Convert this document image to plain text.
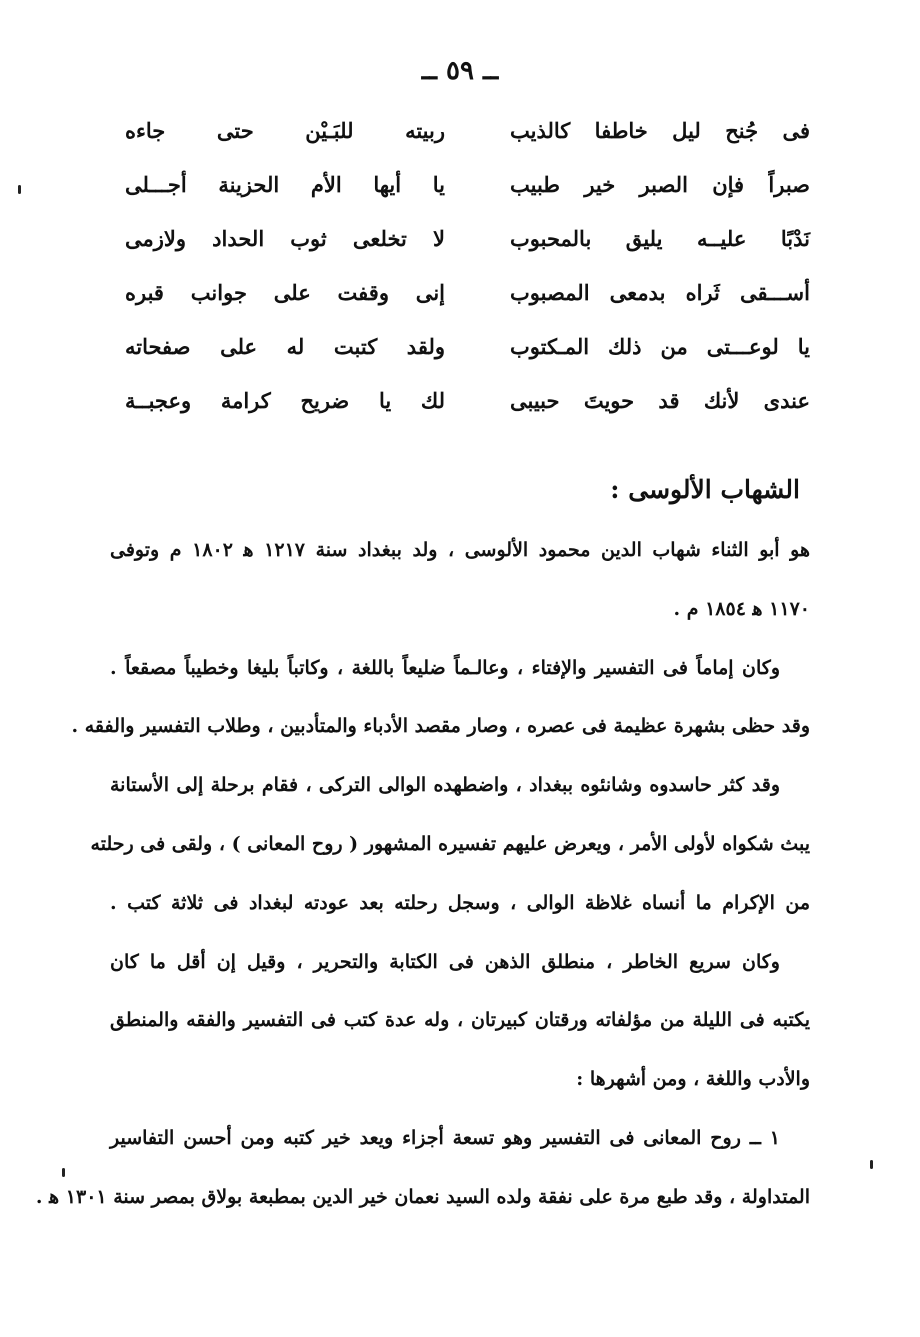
ــ ٥٩ ــ
ربيته للبَـيْن حتى جاءه	فى جُنح ليل خاطفا كالذيب
يا أيها الأم الحزينة أجـــلى	صبراً فإن الصبر خير طبيب
لا تخلعى ثوب الحداد ولازمى	نَدْبًا عليــه يليق بالمحبوب
إنى وقفت على جوانب قبره	أســـقى ثَراه بدمعى المصبوب
ولقد كتبت له على صفحاته	يا لوعـــتى من ذلك المـكتوب
لك يا ضريح كرامة وعجبــة	عندى لأنك قد حويتَ حبيبى
الشهاب الألوسى :
هو أبو الثناء شهاب الدين محمود الألوسى ، ولد ببغداد سنة ١٢١٧ ﻫ ١٨٠٢ م وتوفى
١١٧٠ ﻫ ١٨٥٤ م .
وكان إماماً فى التفسير والإفتاء ، وعالـماً ضليعاً باللغة ، وكاتباً بليغا وخطيباً مصقعاً .
وقد حظى بشهرة عظيمة فى عصره ، وصار مقصد الأدباء والمتأدبين ، وطلاب التفسير والفقه .
وقد كثر حاسدوه وشانئوه ببغداد ، واضطهده الوالى التركى ، فقام برحلة إلى الأستانة
يبث شكواه لأولى الأمر ، ويعرض عليهم تفسيره المشهور ( روح المعانى ) ، ولقى فى رحلته
من الإكرام ما أنساه غلاظة الوالى ، وسجل رحلته بعد عودته لبغداد فى ثلاثة كتب .
وكان سريع الخاطر ، منطلق الذهن فى الكتابة والتحرير ، وقيل إن أقل ما كان
يكتبه فى الليلة من مؤلفاته ورقتان كبيرتان ، وله عدة كتب فى التفسير والفقه والمنطق
والأدب واللغة ، ومن أشهرها :
١ ــ روح المعانى فى التفسير وهو تسعة أجزاء ويعد خير كتبه ومن أحسن التفاسير
المتداولة ، وقد طبع مرة على نفقة ولده السيد نعمان خير الدين بمطبعة بولاق بمصر سنة ١٣٠١ ﻫ .
